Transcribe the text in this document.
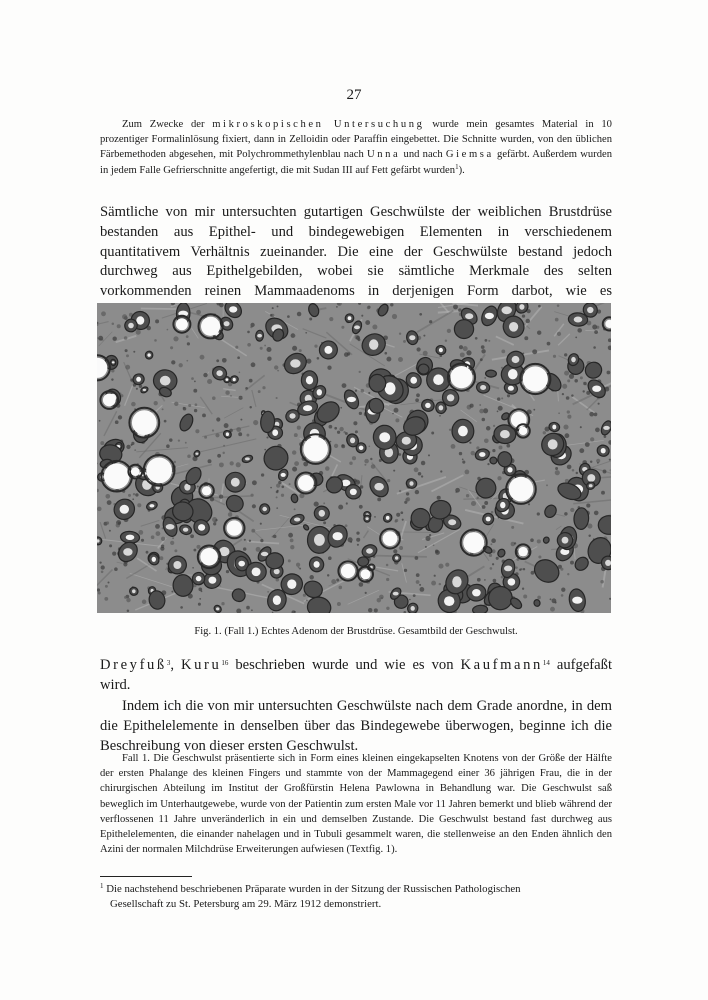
27
Zum Zwecke der mikroskopischen Untersuchung wurde mein gesamtes Material in 10 prozentiger Formalinlösung fixiert, dann in Zelloidin oder Paraffin eingebettet. Die Schnitte wurden, von den üblichen Färbemethoden abgesehen, mit Polychrommethylenblau nach Unna und nach Giemsa gefärbt. Außerdem wurden in jedem Falle Gefrierschnitte angefertigt, die mit Sudan III auf Fett gefärbt wurden$^1$).
Sämtliche von mir untersuchten gutartigen Geschwülste der weiblichen Brustdrüse bestanden aus Epithel- und bindegewebigen Elementen in verschiedenem quantitativem Verhältnis zueinander. Die eine der Geschwülste bestand jedoch durchweg aus Epithelgebilden, wobei sie sämtliche Merkmale des selten vorkommenden reinen Mammaadenoms in derjenigen Form darbot, wie es
Fig. 1. (Fall 1.) Echtes Adenom der Brustdrüse. Gesamtbild der Geschwulst.
Dreyfuß$^3$, Kuru$^{16}$ beschrieben wurde und wie es von Kaufmann$^{14}$ aufgefaßt wird.
Indem ich die von mir untersuchten Geschwülste nach dem Grade anordne, in dem die Epithelelemente in denselben über das Bindegewebe überwogen, beginne ich die Beschreibung von dieser ersten Geschwulst.
Fall 1. Die Geschwulst präsentierte sich in Form eines kleinen eingekapselten Knotens von der Größe der Hälfte der ersten Phalange des kleinen Fingers und stammte von der Mammagegend einer 36 jährigen Frau, die in der chirurgischen Abteilung im Institut der Großfürstin Helena Pawlowna in Behandlung war. Die Geschwulst saß beweglich im Unterhautgewebe, wurde von der Patientin zum ersten Male vor 11 Jahren bemerkt und blieb während der verflossenen 11 Jahre unveränderlich in ein und demselben Zustande. Die Geschwulst bestand fast durchweg aus Epithelelementen, die einander nahelagen und in Tubuli gesammelt waren, die stellenweise an den Enden ähnlich den Azini der normalen Milchdrüse Erweiterungen aufwiesen (Textfig. 1).
$^1$ Die nachstehend beschriebenen Präparate wurden in der Sitzung der Russischen Pathologischen
Gesellschaft zu St. Petersburg am 29. März 1912 demonstriert.
